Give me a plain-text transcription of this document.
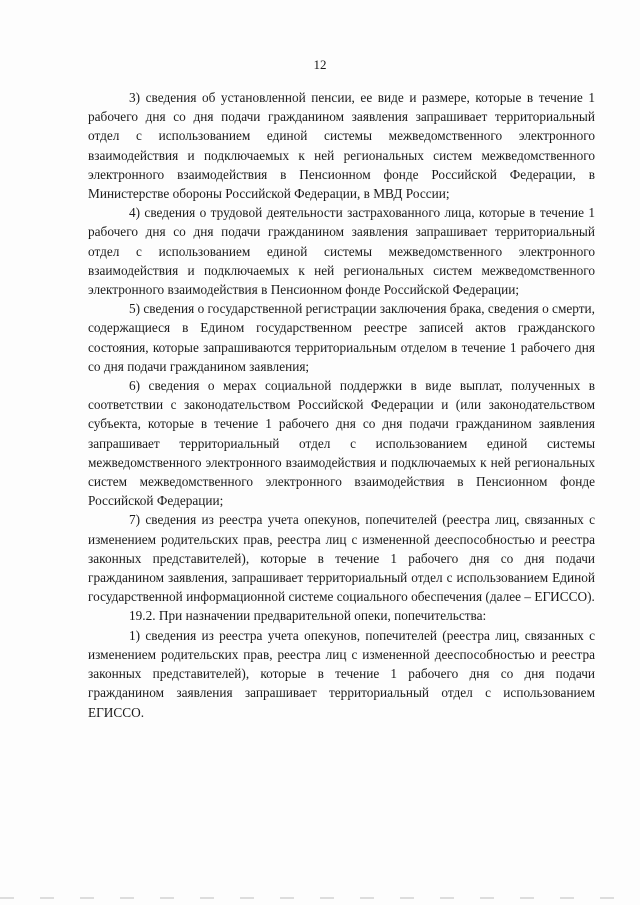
12

3) сведения об установленной пенсии, ее виде и размере, которые в течение 1 рабочего дня со дня подачи гражданином заявления запрашивает территориальный отдел с использованием единой системы межведомственного электронного взаимодействия и подключаемых к ней региональных систем межведомственного электронного взаимодействия в Пенсионном фонде Российской Федерации, в Министерстве обороны Российской Федерации, в МВД России;

4) сведения о трудовой деятельности застрахованного лица, которые в течение 1 рабочего дня со дня подачи гражданином заявления запрашивает территориальный отдел с использованием единой системы межведомственного электронного взаимодействия и подключаемых к ней региональных систем межведомственного электронного взаимодействия в Пенсионном фонде Российской Федерации;

5) сведения о государственной регистрации заключения брака, сведения о смерти, содержащиеся в Едином государственном реестре записей актов гражданского состояния, которые запрашиваются территориальным отделом в течение 1 рабочего дня со дня подачи гражданином заявления;

6) сведения о мерах социальной поддержки в виде выплат, полученных в соответствии с законодательством Российской Федерации и (или законодательством субъекта, которые в течение 1 рабочего дня со дня подачи гражданином заявления запрашивает территориальный отдел с использованием единой системы межведомственного электронного взаимодействия и подключаемых к ней региональных систем межведомственного электронного взаимодействия в Пенсионном фонде Российской Федерации;

7) сведения из реестра учета опекунов, попечителей (реестра лиц, связанных с изменением родительских прав, реестра лиц с измененной дееспособностью и реестра законных представителей), которые в течение 1 рабочего дня со дня подачи гражданином заявления, запрашивает территориальный отдел с использованием Единой государственной информационной системе социального обеспечения (далее – ЕГИССО).

19.2. При назначении предварительной опеки, попечительства:

1) сведения из реестра учета опекунов, попечителей (реестра лиц, связанных с изменением родительских прав, реестра лиц с измененной дееспособностью и реестра законных представителей), которые в течение 1 рабочего дня со дня подачи гражданином заявления запрашивает территориальный отдел с использованием ЕГИССО.
